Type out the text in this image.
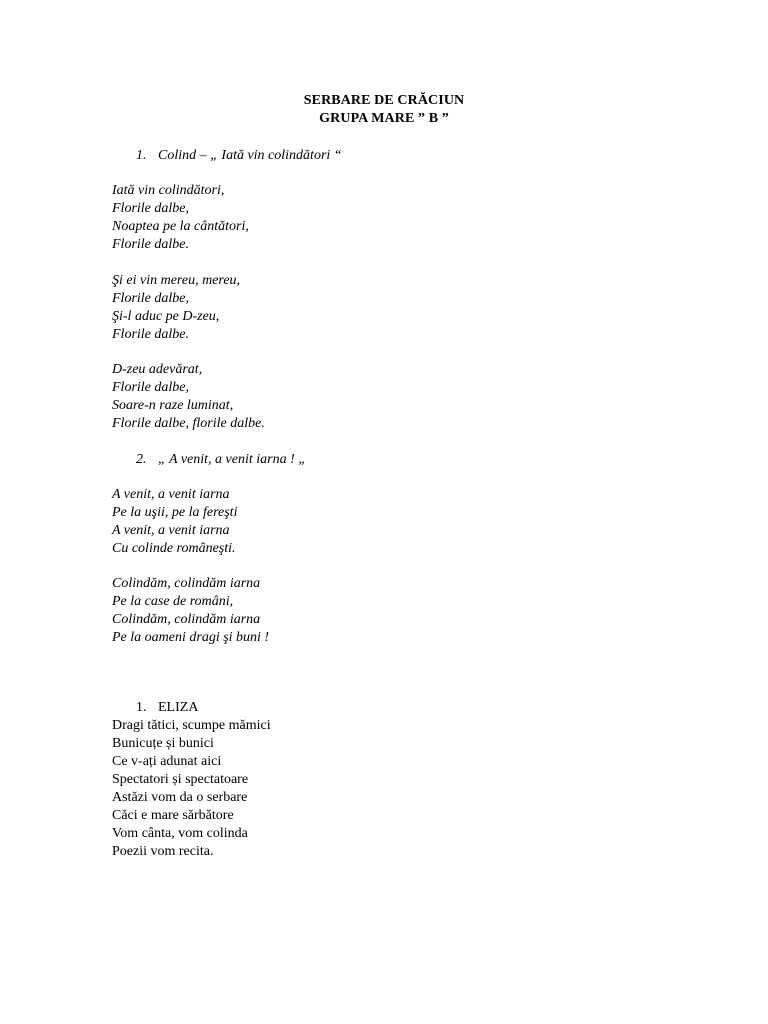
SERBARE DE CRĂCIUN
GRUPA MARE ” B ”
1. Colind – „ Iată vin colindători “
Iată vin colindători,
Florile dalbe,
Noaptea pe la cântători,
Florile dalbe.
Şi ei vin mereu, mereu,
Florile dalbe,
Şi-l aduc pe D-zeu,
Florile dalbe.
D-zeu adevărat,
Florile dalbe,
Soare-n raze luminat,
Florile dalbe, florile dalbe.
2. „ A venit, a venit iarna ! „
A venit, a venit iarna
Pe la uşii, pe la fereşti
A venit, a venit iarna
Cu colinde româneşti.
Colindăm, colindăm iarna
Pe la case de români,
Colindăm, colindăm iarna
Pe la oameni dragi şi buni !
1. ELIZA
Dragi tătici, scumpe mămici
Bunicuțe și bunici
Ce v-ați adunat aici
Spectatori și spectatoare
Astăzi vom da o serbare
Căci e mare sărbătore
Vom cânta, vom colinda
Poezii vom recita.
